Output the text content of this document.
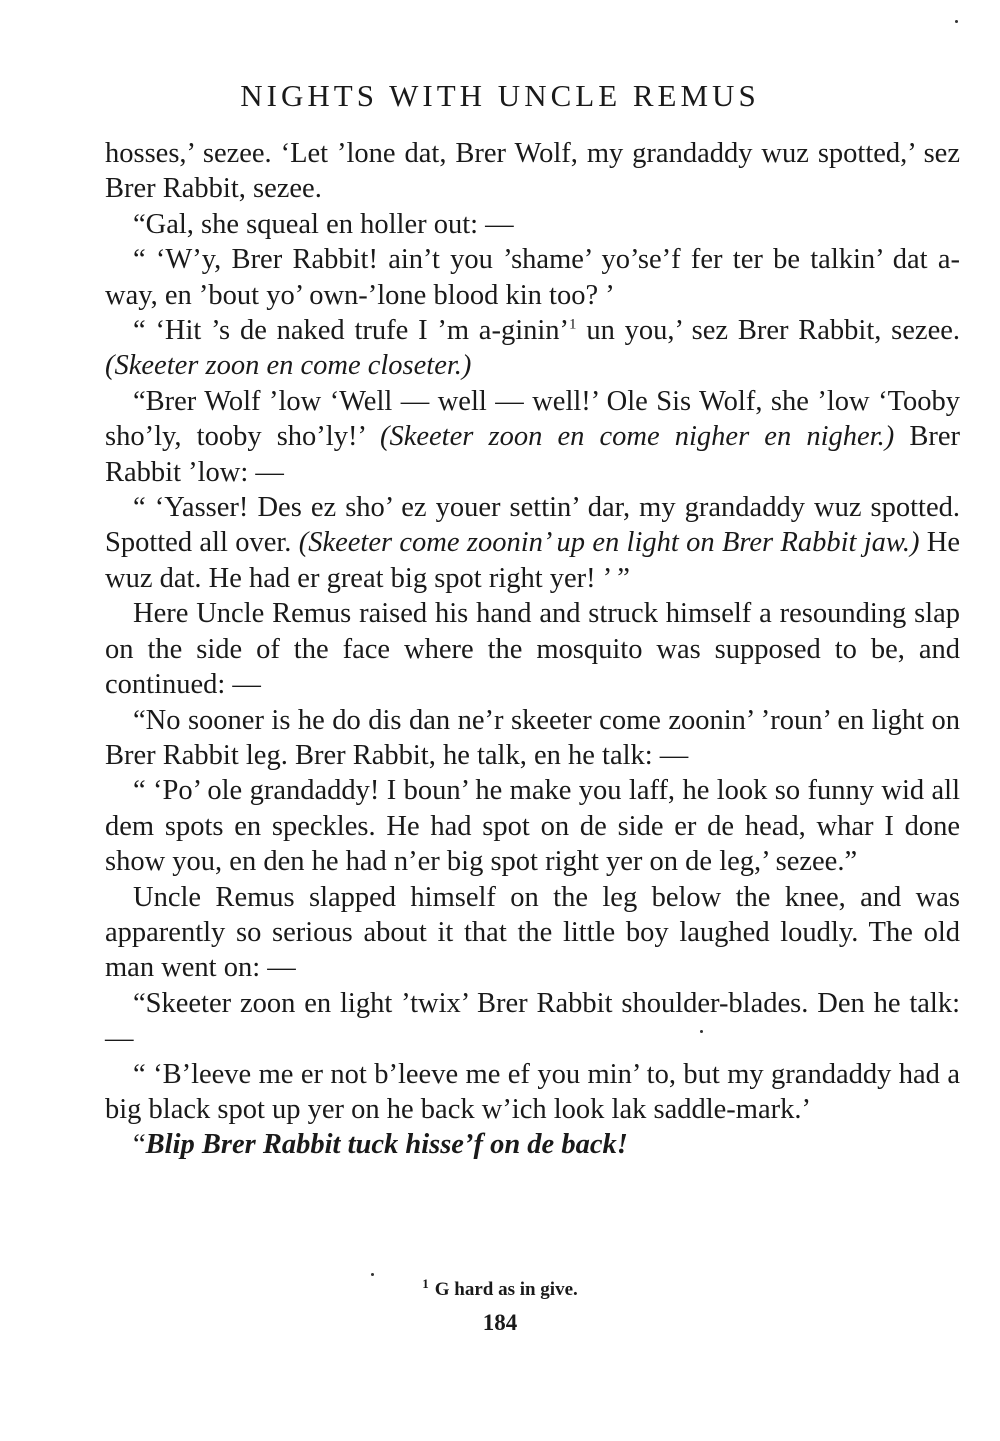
NIGHTS WITH UNCLE REMUS

hosses,’ sezee. ‘Let ’lone dat, Brer Wolf, my grandaddy wuz spotted,’ sez Brer Rabbit, sezee.

“Gal, she squeal en holler out: —

“ ‘W’y, Brer Rabbit! ain’t you ’shame’ yo’se’f fer ter be talkin’ dat a-way, en ’bout yo’ own-’lone blood kin too? ’

“ ‘Hit ’s de naked trufe I ’m a-ginin’$^1$ un you,’ sez Brer Rabbit, sezee. (Skeeter zoon en come closeter.)

“Brer Wolf ’low ‘Well — well — well!’ Ole Sis Wolf, she ’low ‘Tooby sho’ly, tooby sho’ly!’ (Skeeter zoon en come nigher en nigher.) Brer Rabbit ’low: —

“ ‘Yasser! Des ez sho’ ez youer settin’ dar, my grandaddy wuz spotted. Spotted all over. (Skeeter come zoonin’ up en light on Brer Rabbit jaw.) He wuz dat. He had er great big spot right yer! ’ ”

Here Uncle Remus raised his hand and struck himself a resounding slap on the side of the face where the mosquito was supposed to be, and continued: —

“No sooner is he do dis dan ne’r skeeter come zoonin’ ’roun’ en light on Brer Rabbit leg. Brer Rabbit, he talk, en he talk: —

“ ‘Po’ ole grandaddy! I boun’ he make you laff, he look so funny wid all dem spots en speckles. He had spot on de side er de head, whar I done show you, en den he had n’er big spot right yer on de leg,’ sezee.”

Uncle Remus slapped himself on the leg below the knee, and was apparently so serious about it that the little boy laughed loudly. The old man went on: —

“Skeeter zoon en light ’twix’ Brer Rabbit shoulder-blades. Den he talk: —

“ ‘B’leeve me er not b’leeve me ef you min’ to, but my grandaddy had a big black spot up yer on he back w’ich look lak saddle-mark.’

“Blip Brer Rabbit tuck hisse’f on de back!

$^1$ G hard as in give.
184
